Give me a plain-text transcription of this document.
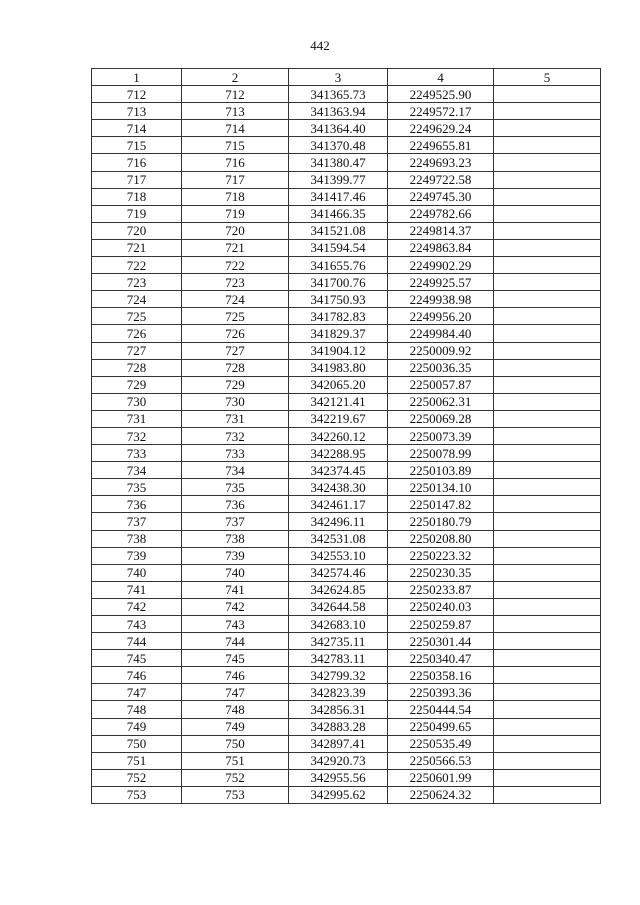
442
1	2	3	4	5
712	712	341365.73	2249525.90	
713	713	341363.94	2249572.17	
714	714	341364.40	2249629.24	
715	715	341370.48	2249655.81	
716	716	341380.47	2249693.23	
717	717	341399.77	2249722.58	
718	718	341417.46	2249745.30	
719	719	341466.35	2249782.66	
720	720	341521.08	2249814.37	
721	721	341594.54	2249863.84	
722	722	341655.76	2249902.29	
723	723	341700.76	2249925.57	
724	724	341750.93	2249938.98	
725	725	341782.83	2249956.20	
726	726	341829.37	2249984.40	
727	727	341904.12	2250009.92	
728	728	341983.80	2250036.35	
729	729	342065.20	2250057.87	
730	730	342121.41	2250062.31	
731	731	342219.67	2250069.28	
732	732	342260.12	2250073.39	
733	733	342288.95	2250078.99	
734	734	342374.45	2250103.89	
735	735	342438.30	2250134.10	
736	736	342461.17	2250147.82	
737	737	342496.11	2250180.79	
738	738	342531.08	2250208.80	
739	739	342553.10	2250223.32	
740	740	342574.46	2250230.35	
741	741	342624.85	2250233.87	
742	742	342644.58	2250240.03	
743	743	342683.10	2250259.87	
744	744	342735.11	2250301.44	
745	745	342783.11	2250340.47	
746	746	342799.32	2250358.16	
747	747	342823.39	2250393.36	
748	748	342856.31	2250444.54	
749	749	342883.28	2250499.65	
750	750	342897.41	2250535.49	
751	751	342920.73	2250566.53	
752	752	342955.56	2250601.99	
753	753	342995.62	2250624.32	
